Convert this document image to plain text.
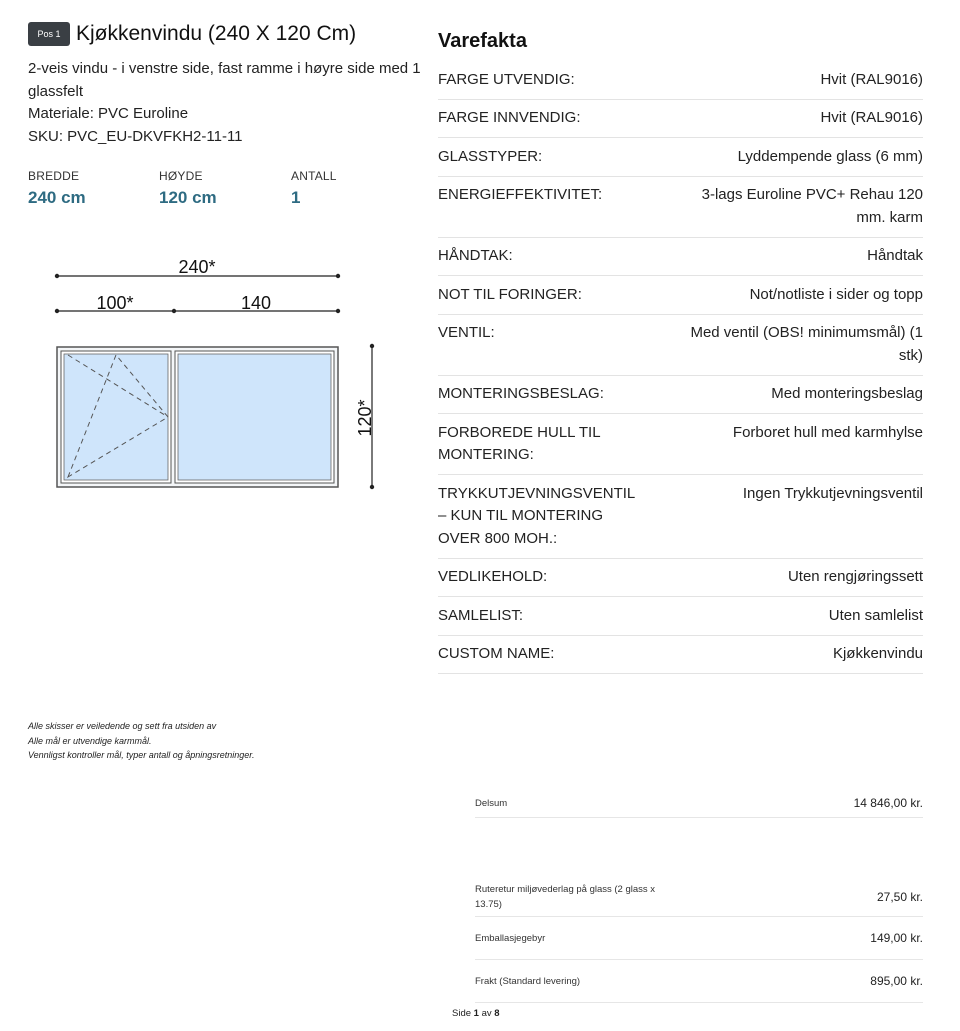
Pos 1 Kjøkkenvindu (240 X 120 Cm)
2-veis vindu - i venstre side, fast ramme i høyre side med 1 glassfelt
Materiale: PVC Euroline
SKU: PVC_EU-DKVFKH2-11-11
BREDDE
240 cm
HØYDE
120 cm
ANTALL
1
240*
100*	140
120*
Varefakta
FARGE UTVENDIG:	Hvit (RAL9016)
FARGE INNVENDIG:	Hvit (RAL9016)
GLASSTYPER:	Lyddempende glass (6 mm)
ENERGIEFFEKTIVITET:	3-lags Euroline PVC+ Rehau 120 mm. karm
HÅNDTAK:	Håndtak
NOT TIL FORINGER:	Not/notliste i sider og topp
VENTIL:	Med ventil (OBS! minimumsmål) (1 stk)
MONTERINGSBESLAG:	Med monteringsbeslag
FORBOREDE HULL TIL MONTERING:
Forboret hull med karmhylse
TRYKKUTJEVNINGSVENTIL – KUN TIL MONTERING OVER 800 MOH.:
Ingen Trykkutjevningsventil
VEDLIKEHOLD:	Uten rengjøringssett
SAMLELIST:	Uten samlelist
CUSTOM NAME:	Kjøkkenvindu
Alle skisser er veiledende og sett fra utsiden av
Alle mål er utvendige karmmål.
Vennligst kontroller mål, typer antall og åpningsretninger.
Delsum	14 846,00 kr.
Ruteretur miljøvederlag på glass (2 glass x 13.75)
27,50 kr.
Emballasjegebyr	149,00 kr.
Frakt (Standard levering)	895,00 kr.
Side 1 av 8
